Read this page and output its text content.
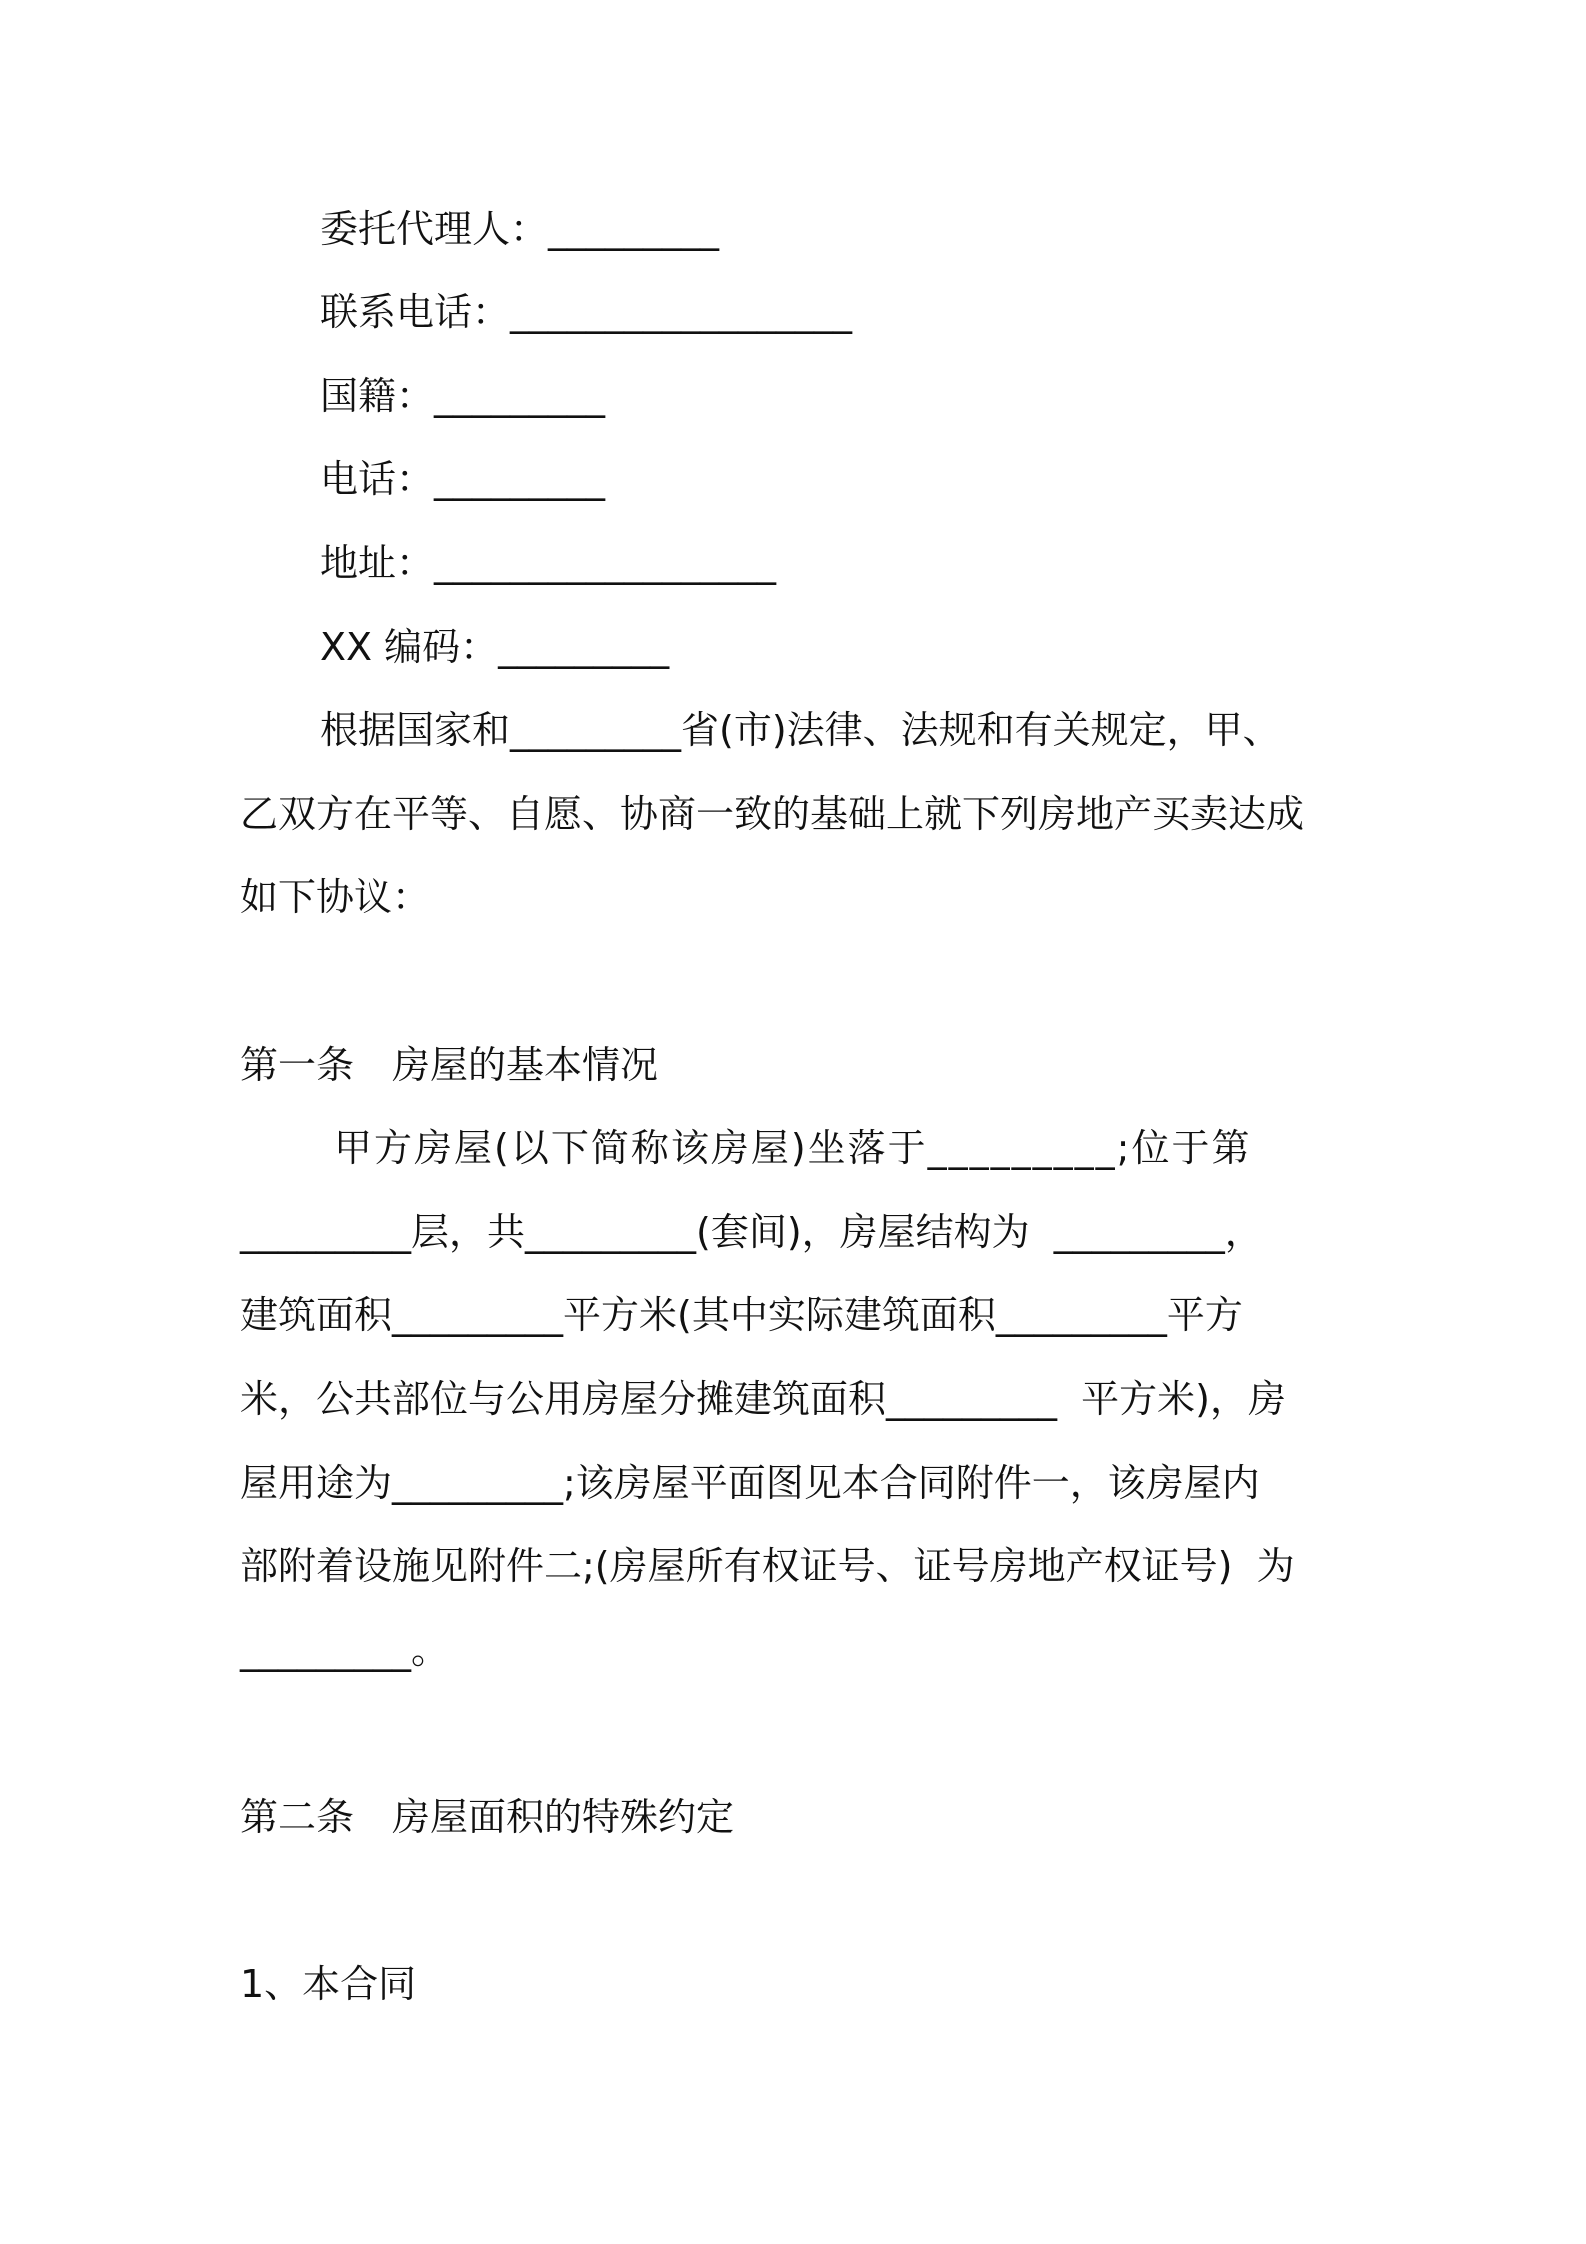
委托代理人：_________

联系电话：__________________

国籍：_________

电话：_________

地址：__________________

XX 编码：_________

根据国家和_________省(市)法律、法规和有关规定，甲、

乙双方在平等、自愿、协商一致的基础上就下列房地产买卖达成

如下协议：

第一条　房屋的基本情况

甲方房屋(以下简称该房屋)坐落于_________;位于第

_________层，共_________(套间)，房屋结构为  _________，

建筑面积_________平方米(其中实际建筑面积_________平方

米，公共部位与公用房屋分摊建筑面积_________  平方米)，房

屋用途为_________;该房屋平面图见本合同附件一，该房屋内

部附着设施见附件二;(房屋所有权证号、证号房地产权证号)  为

_________。

第二条　房屋面积的特殊约定

1、本合同
